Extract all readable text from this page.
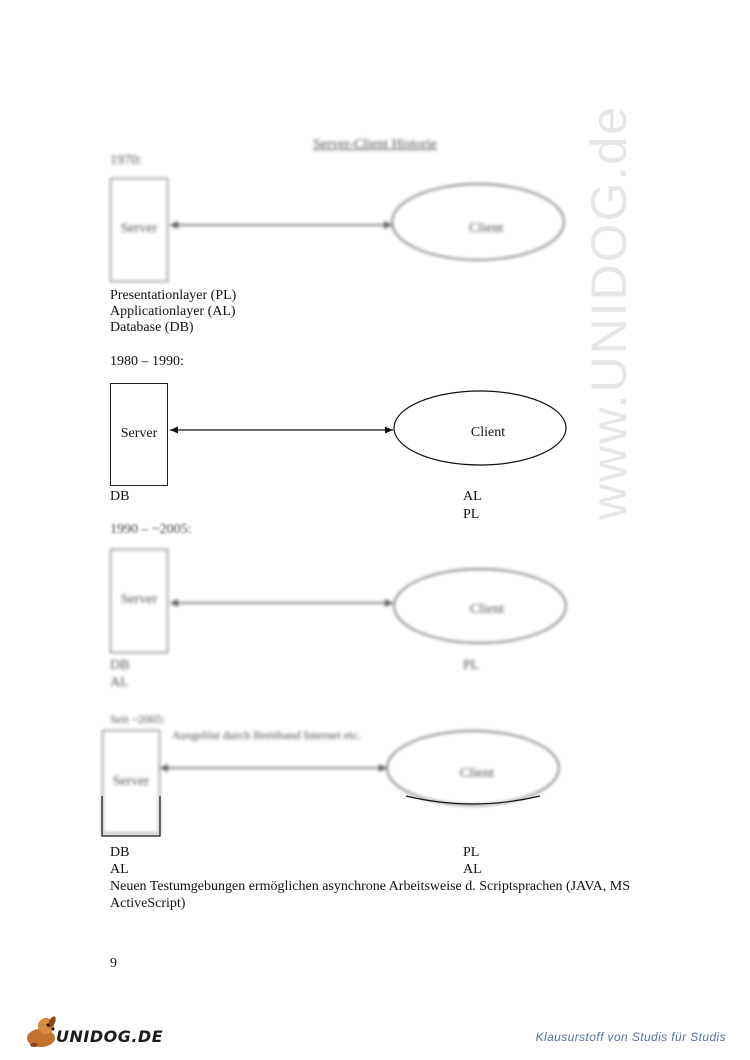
www.UNIDOG.de
Server-Client Historie
1970:
Server	Client
Presentationlayer (PL)
Applicationlayer (AL)
Database (DB)
1980 – 1990:
Server	Client
DB	AL
PL
1990 – ~2005:
Server
Client
DB
AL
PL
Seit ~2005:
Ausgelöst durch Breitband Internet etc.
Server
Client
DB
AL
PL
AL
Neuen Testumgebungen ermöglichen asynchrone Arbeitsweise d. Scriptsprachen (JAVA, MS ActiveScript)
9
UNIDOG.DE	Klausurstoff von Studis für Studis
